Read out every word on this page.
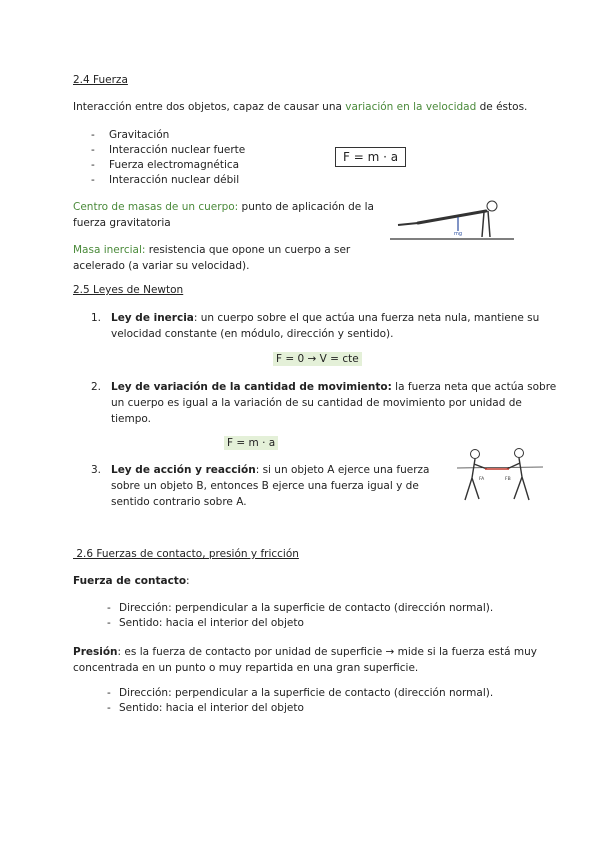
2.4 Fuerza
Interacción entre dos objetos, capaz de causar una variación en la velocidad de éstos.
- Gravitación
- Interacción nuclear fuerte
- Fuerza electromagnética
- Interacción nuclear débil
F = m · a
Centro de masas de un cuerpo: punto de aplicación de la
fuerza gravitatoria
mg
Masa inercial: resistencia que opone un cuerpo a ser
acelerado (a variar su velocidad).
2.5 Leyes de Newton
1. Ley de inercia: un cuerpo sobre el que actúa una fuerza neta nula, mantiene su
velocidad constante (en módulo, dirección y sentido).
F = 0 → V = cte
2. Ley de variación de la cantidad de movimiento: la fuerza neta que actúa sobre
un cuerpo es igual a la variación de su cantidad de movimiento por unidad de
tiempo.
F = m · a
3. Ley de acción y reacción: si un objeto A ejerce una fuerza
sobre un objeto B, entonces B ejerce una fuerza igual y de
sentido contrario sobre A.
FA	FB
2.6 Fuerzas de contacto, presión y fricción
Fuerza de contacto:
- Dirección: perpendicular a la superficie de contacto (dirección normal).
- Sentido: hacia el interior del objeto
Presión: es la fuerza de contacto por unidad de superficie → mide si la fuerza está muy
concentrada en un punto o muy repartida en una gran superficie.
- Dirección: perpendicular a la superficie de contacto (dirección normal).
- Sentido: hacia el interior del objeto
